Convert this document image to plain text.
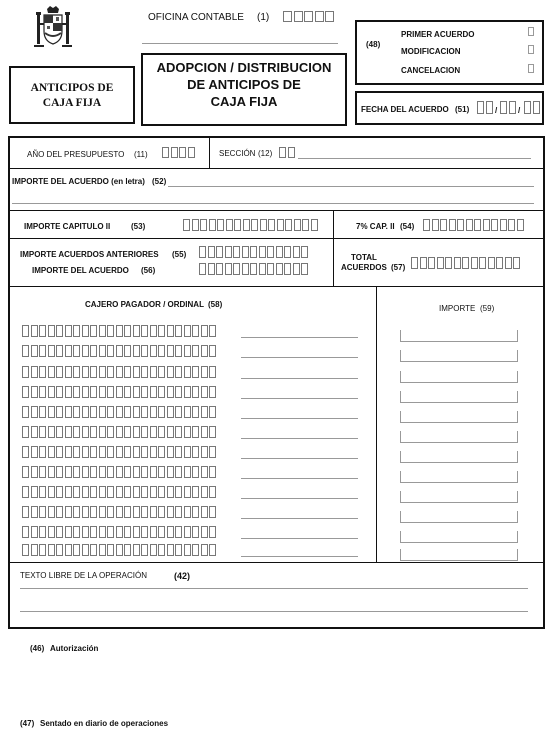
OFICINA CONTABLE (1)
ANTICIPOS DE
CAJA FIJA
ADOPCION / DISTRIBUCION
DE ANTICIPOS DE
CAJA FIJA
(48)
PRIMER ACUERDO
MODIFICACION
CANCELACION
FECHA DEL ACUERDO (51)	/	/
AÑO DEL PRESUPUESTO (11)	SECCIÓN (12)
IMPORTE DEL ACUERDO (en letra) (52)
IMPORTE CAPITULO II	(53)	7% CAP. II (54)
IMPORTE ACUERDOS ANTERIORES (55)
IMPORTE DEL ACUERDO (56)
TOTAL
ACUERDOS (57)
CAJERO PAGADOR / ORDINAL (58)	IMPORTE (59)
TEXTO LIBRE DE LA OPERACIÓN	(42)
(46) Autorización
(47) Sentado en diario de operaciones
